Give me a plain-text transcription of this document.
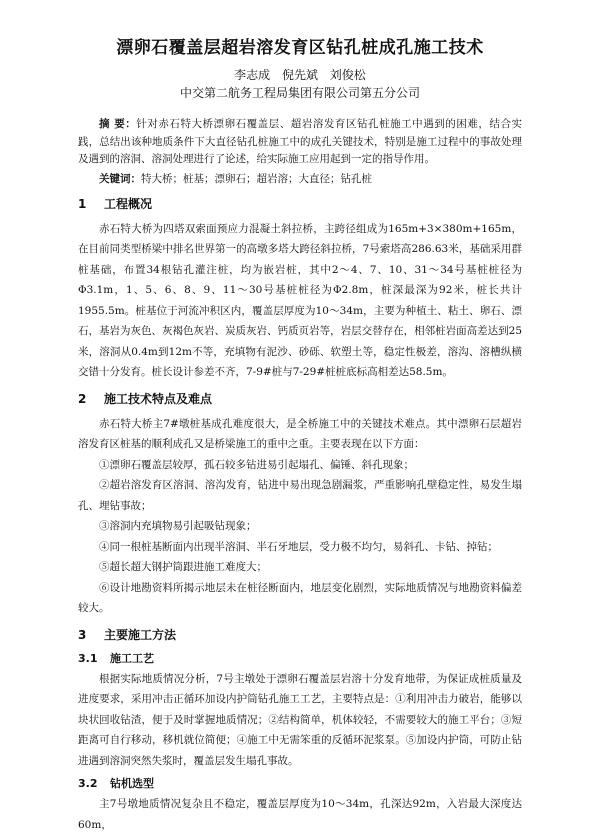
漂卵石覆盖层超岩溶发育区钻孔桩成孔施工技术
李志成 倪先斌 刘俊松
中交第二航务工程局集团有限公司第五分公司
摘 要：针对赤石特大桥漂卵石覆盖层、超岩溶发育区钻孔桩施工中遇到的困难，结合实践，总结出该种地质条件下大直径钻孔桩施工中的成孔关键技术，特别是施工过程中的事故处理及遇到的溶洞、溶洞处理进行了论述，给实际施工应用起到一定的指导作用。
关键词：特大桥；桩基；漂卵石；超岩溶；大直径；钻孔桩
1 工程概况

赤石特大桥为四塔双索面预应力混凝土斜拉桥，主跨径组成为165m+3×380m+165m，在目前同类型桥梁中排名世界第一的高墩多塔大跨径斜拉桥，7号索塔高286.63米，基础采用群桩基础，布置34根钻孔灌注桩，均为嵌岩桩，其中2～4、7、10、31～34号基桩桩径为Φ3.1m，1、5、6、8、9、11～30号基桩桩径为Φ2.8m，桩深最深为92米，桩长共计1955.5m。桩基位于河流冲积区内，覆盖层厚度为10～34m，主要为种植土、粘土、卵石、漂石，基岩为灰色、灰褐色灰岩、炭质灰岩、钙质页岩等，岩层交替存在，相邻桩岩面高差达到25米，溶洞从0.4m到12m不等，充填物有泥沙、砂砾、软塑土等，稳定性极差，溶沟、溶槽纵横交错十分发育。桩长设计参差不齐，7-9#桩与7-29#桩桩底标高相差达58.5m。

2 施工技术特点及难点

赤石特大桥主7#墩桩基成孔难度很大，是全桥施工中的关键技术难点。其中漂卵石层超岩溶发育区桩基的顺利成孔又是桥梁施工的重中之重。主要表现在以下方面：

①漂卵石覆盖层较厚，孤石较多钻进易引起塌孔、偏锤、斜孔现象；

②超岩溶发育区溶洞、溶沟发育，钻进中易出现急剧漏浆，严重影响孔壁稳定性，易发生塌孔、埋钻事故；

③溶洞内充填物易引起吸钻现象；

④同一根桩基断面内出现半溶洞、半石牙地层，受力极不均匀，易斜孔、卡钻、掉钻；

⑤超长超大钢护筒跟进施工难度大；

⑥设计地勘资料所揭示地层未在桩径断面内，地层变化剧烈，实际地质情况与地勘资料偏差较大。

3 主要施工方法
3.1 施工工艺

根据实际地质情况分析，7号主墩处于漂卵石覆盖层岩溶十分发育地带，为保证成桩质量及进度要求，采用冲击正循环加设内护筒钻孔施工工艺，主要特点是：①利用冲击力破岩，能够以块状回收钻渣，便于及时掌握地质情况；②结构简单，机体较轻，不需要较大的施工平台；③短距离可自行移动，移机就位简便；④施工中无需笨重的反循环泥浆泵。⑤加设内护筒，可防止钻进遇到溶洞突然失浆时，覆盖层发生塌孔事故。

3.2 钻机选型

主7号墩地质情况复杂且不稳定，覆盖层厚度为10～34m，孔深达92m，入岩最大深度达60m，
